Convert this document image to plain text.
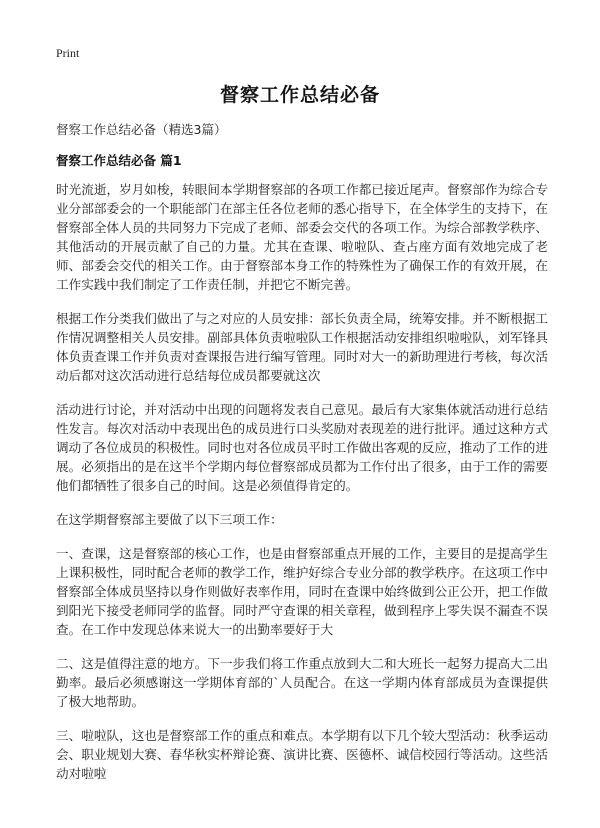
Print
督察工作总结必备
督察工作总结必备（精选3篇）
督察工作总结必备 篇1

时光流逝，岁月如梭，转眼间本学期督察部的各项工作都已接近尾声。督察部作为综合专业分部部委会的一个职能部门在部主任各位老师的悉心指导下，在全体学生的支持下，在督察部全体人员的共同努力下完成了老师、部委会交代的各项工作。为综合部教学秩序、其他活动的开展贡献了自己的力量。尤其在查课、啦啦队、查占座方面有效地完成了老师、部委会交代的相关工作。由于督察部本身工作的特殊性为了确保工作的有效开展，在工作实践中我们制定了工作责任制，并把它不断完善。

根据工作分类我们做出了与之对应的人员安排：部长负责全局，统筹安排。并不断根据工作情况调整相关人员安排。副部具体负责啦啦队工作根据活动安排组织啦啦队，刘军锋具体负责查课工作并负责对查课报告进行编写管理。同时对大一的新助理进行考核，每次活动后都对这次活动进行总结每位成员都要就这次

活动进行讨论，并对活动中出现的问题将发表自己意见。最后有大家集体就活动进行总结性发言。每次对活动中表现出色的成员进行口头奖励对表现差的进行批评。通过这种方式调动了各位成员的积极性。同时也对各位成员平时工作做出客观的反应，推动了工作的进展。必须指出的是在这半个学期内每位督察部成员都为工作付出了很多，由于工作的需要他们都牺牲了很多自己的时间。这是必须值得肯定的。

在这学期督察部主要做了以下三项工作：

一、查课，这是督察部的核心工作，也是由督察部重点开展的工作，主要目的是提高学生上课积极性，同时配合老师的教学工作，维护好综合专业分部的教学秩序。在这项工作中督察部全体成员坚持以身作则做好表率作用，同时在查课中始终做到公正公开，把工作做到阳光下接受老师同学的监督。同时严守查课的相关章程，做到程序上零失误不漏查不误查。在工作中发现总体来说大一的出勤率要好于大

二、这是值得注意的地方。下一步我们将工作重点放到大二和大班长一起努力提高大二出勤率。最后必须感谢这一学期体育部的`人员配合。在这一学期内体育部成员为查课提供了极大地帮助。

三、啦啦队，这也是督察部工作的重点和难点。本学期有以下几个较大型活动：秋季运动会、职业规划大赛、春华秋实杯辩论赛、演讲比赛、医德杯、诚信校园行等活动。这些活动对啦啦
